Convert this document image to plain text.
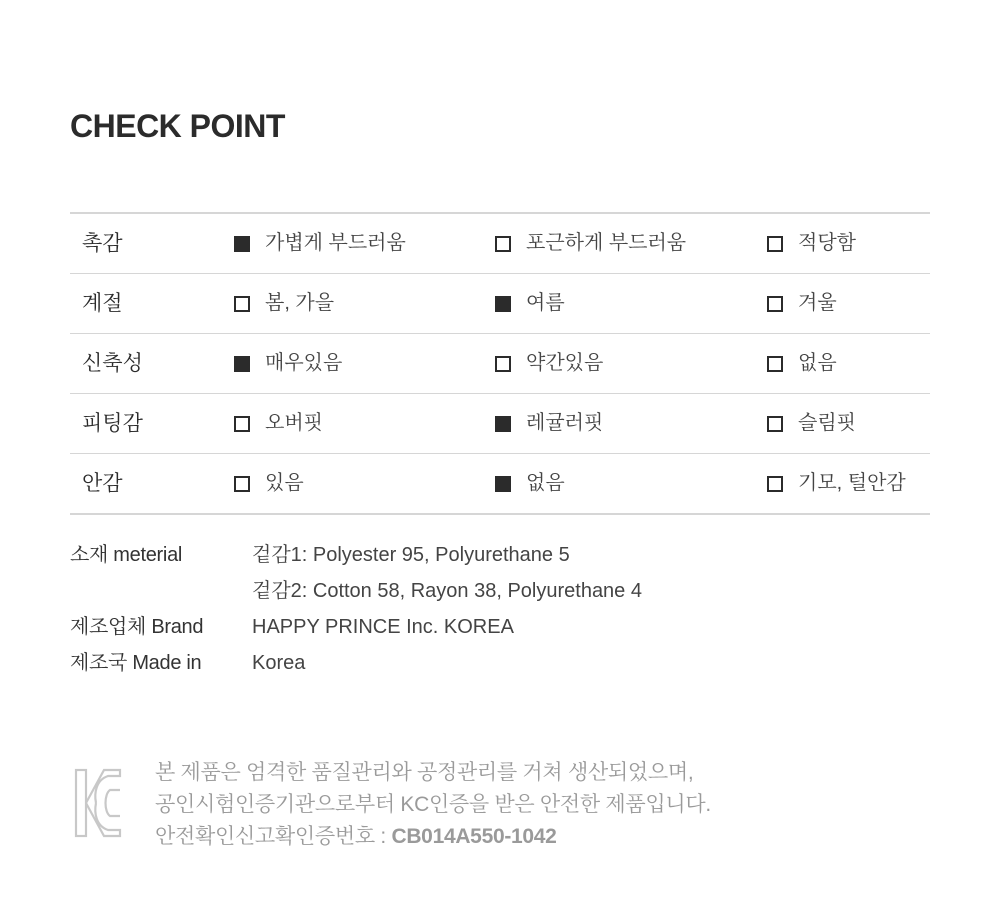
CHECK POINT
촉감	가볍게 부드러움	포근하게 부드러움	적당함
계절	봄, 가을	여름	겨울
신축성	매우있음	약간있음	없음
피팅감	오버핏	레귤러핏	슬림핏
안감	있음	없음	기모, 털안감
소재 meterial	겉감1: Polyester 95, Polyurethane 5
겉감2: Cotton 58, Rayon 38, Polyurethane 4
제조업체 Brand	HAPPY PRINCE Inc. KOREA
제조국 Made in	Korea
본 제품은 엄격한 품질관리와 공정관리를 거쳐 생산되었으며,
공인시험인증기관으로부터 KC인증을 받은 안전한 제품입니다.
안전확인신고확인증번호 : CB014A550-1042
